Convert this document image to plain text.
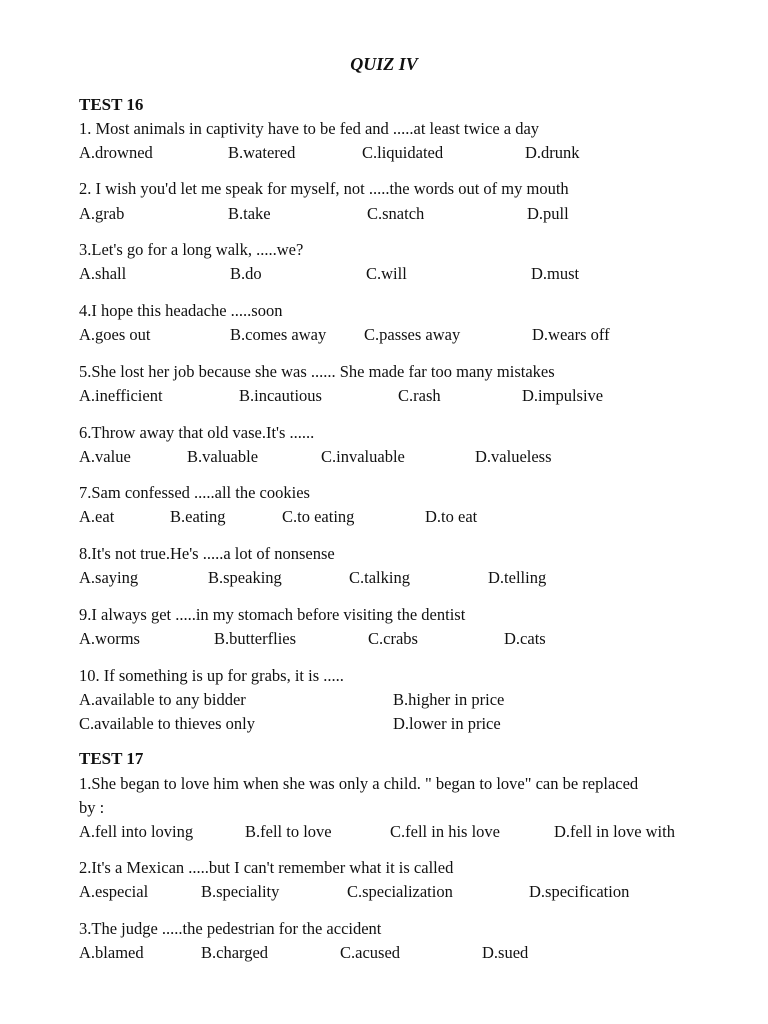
QUIZ IV
TEST 16
1. Most animals in captivity have to be fed and .....at least twice a day
A.drowned	B.watered	C.liquidated	D.drunk
2. I wish you'd let me speak for myself, not .....the words out of my mouth
A.grab	B.take	C.snatch	D.pull
3.Let's go for a long walk, .....we?
A.shall	B.do	C.will	D.must
4.I hope this headache .....soon
A.goes out	B.comes away C.passes away	D.wears off
5.She lost her job because she was ...... She made far too many mistakes
A.inefficient	B.incautious	C.rash	D.impulsive
6.Throw away that old vase.It's ......
A.value	B.valuable	C.invaluable	D.valueless
7.Sam confessed .....all the cookies
A.eat	B.eating	C.to eating	D.to eat
8.It's not true.He's .....a lot of nonsense
A.saying	B.speaking	C.talking	D.telling
9.I always get .....in my stomach before visiting the dentist
A.worms	B.butterflies	C.crabs	D.cats
10. If something is up for grabs, it is .....
A.available to any bidder	B.higher in price
C.available to thieves only	D.lower in price
TEST 17
1.She began to love him when she was only a child. " began to love" can be replaced
by :
A.fell into loving	B.fell to love	C.fell in his love	D.fell in love with
2.It's a Mexican .....but I can't remember what it is called
A.especial	B.speciality	C.specialization	D.specification
3.The judge .....the pedestrian for the accident
A.blamed	B.charged	C.acused	D.sued
